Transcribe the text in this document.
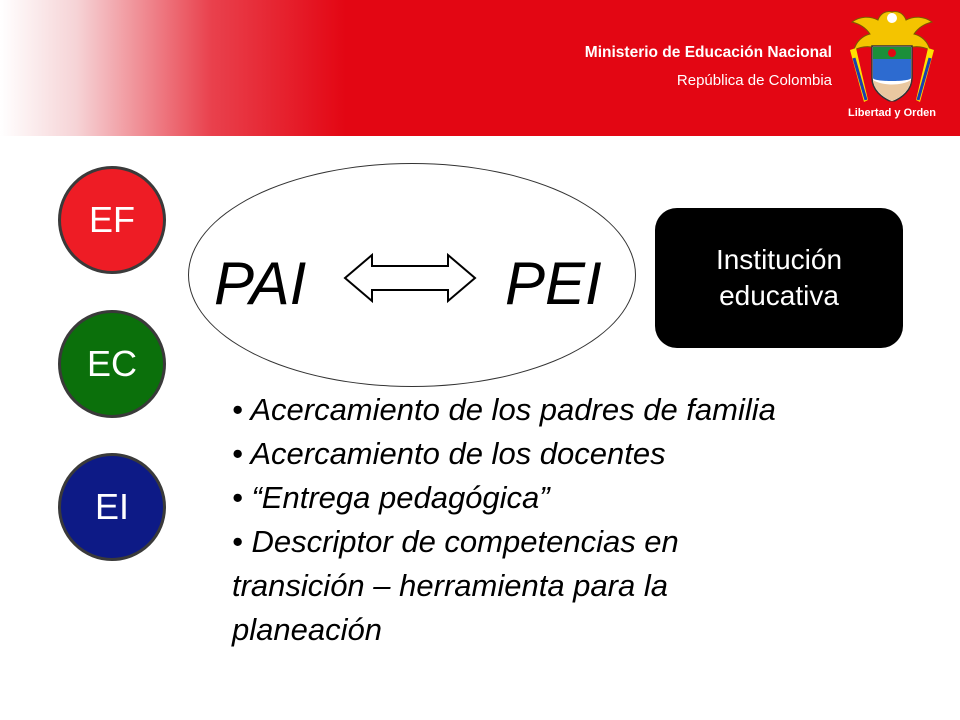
Ministerio de Educación Nacional
República de Colombia
Libertad y Orden
EF
EC
EI
PAI	PEI	Institución
educativa
• Acercamiento de los padres de familia
• Acercamiento de los docentes
• “Entrega pedagógica”
• Descriptor de competencias en transición – herramienta para la planeación
